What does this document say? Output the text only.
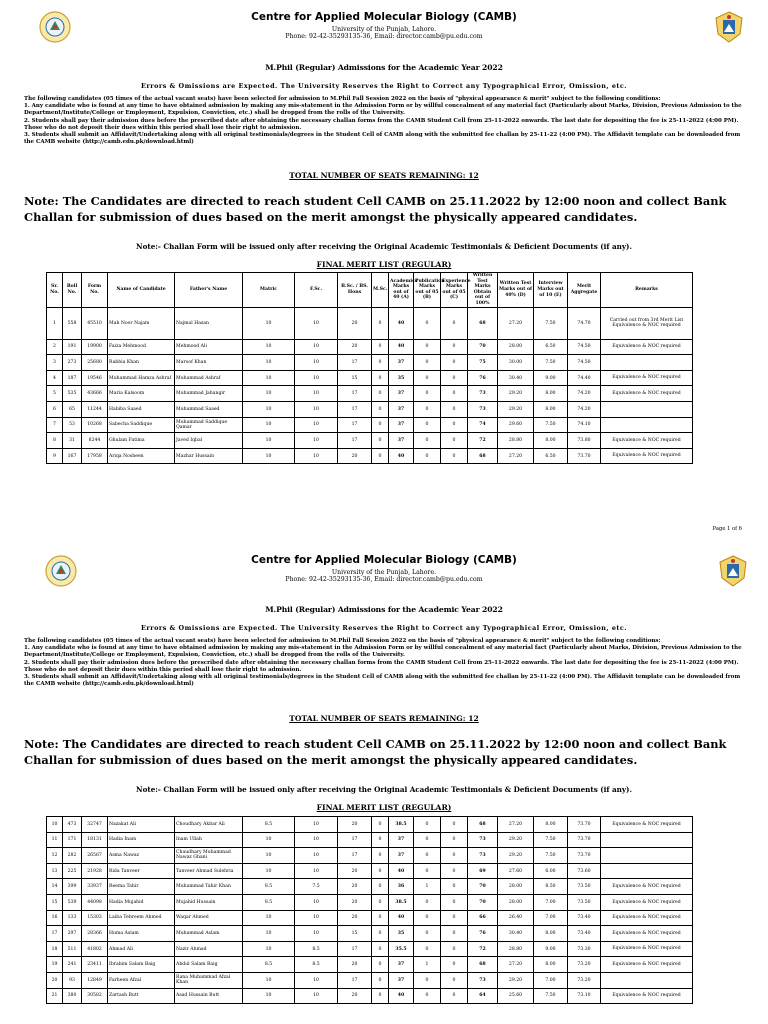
Centre for Applied Molecular Biology (CAMB)
University of the Punjab, Lahore.
Phone: 92-42-35293135-36, Email: director.camb@pu.edu.com
M.Phil (Regular) Admissions for the Academic Year 2022
Errors & Omissions are Expected. The University Reserves the Right to Correct any Typographical Error, Omission, etc.

The following candidates (05 times of the actual vacant seats) have been selected for admission to M.Phil Fall Session 2022 on the basis of "physical appearance & merit" subject to the following conditions:

1. Any candidate who is found at any time to have obtained admission by making any mis-statement in the Admission Form or by willful concealment of any material fact (Particularly about Marks, Division, Previous Admission to the Department/Institute/College or Employment, Expulsion, Conviction, etc.) shall be dropped from the rolls of the University.

2. Students shall pay their admission dues before the prescribed date after obtaining the necessary challan forms from the CAMB Student Cell from 25-11-2022 onwards. The last date for depositing the fee is 25-11-2022 (4:00 PM). Those who do not deposit their dues within this period shall lose their right to admission.

3. Students shall submit an Affidavit/Undertaking along with all original testimonials/degrees in the Student Cell of CAMB along with the submitted fee challan by 25-11-22 (4:00 PM). The Affidavit template can be downloaded from the CAMB website (http://camb.edu.pk/download.html)

TOTAL NUMBER OF SEATS REMAINING: 12
Note: The Candidates are directed to reach student Cell CAMB on 25.11.2022 by 12:00 noon and collect Bank Challan for submission of dues based on the merit amongst the physically appeared candidates.
Note:- Challan Form will be issued only after receiving the Original Academic Testimonials & Deficient Documents (if any).
FINAL MERIT LIST (REGULAR)
Sr. No.	Roll No.	Form No.	Name of Candidate	Father's Name	Matric	F.Sc.	B.Sc. / BS. Hons	M.Sc.	Academics Marks out of 40 (A)	Publication Marks out of 05 (B)	Experience Marks out of 05 (C)	Written Test Marks Obtain out of 100%	Written Test Marks out of 40% (D)	Interview Marks out of 10 (E)	Merit Aggregate	Remarks
1	558	45510	Mah Noor Najam	Najmal Hasan	10	10	20	0	40	0	0	68	27.20	7.50	74.70	Carried out from 3rd Merit List Equivalence & NOC required
2	191	19900	Faiza Mehmood	Mehmood Ali	10	10	20	0	40	0	0	70	28.00	6.50	74.50	Equivalence & NOC required
3	273	25680	Rabbia Khan	Maroof Khan	10	10	17	0	37	0	0	75	30.00	7.50	74.50	
4	187	19546	Muhammad Hamza Ashraf	Muhammad Ashraf	10	10	15	0	35	0	0	76	30.40	9.00	74.40	Equivalence & NOC required
5	535	43666	Maria Kalsoom	Muhammad Jahangir	10	10	17	0	37	0	0	73	29.20	8.00	74.20	Equivalence & NOC required
6	65	11244	Habiba Saaed	Muhammad Saaed	10	10	17	0	37	0	0	73	29.20	8.00	74.20	
7	53	10268	Sabecha Saddique	Muhammad Saddique Qamar	10	10	17	0	37	0	0	74	29.60	7.50	74.10	
8	31	8244	Ghulam Fatima	Javed Iqbal	10	10	17	0	37	0	0	72	28.80	8.00	73.80	Equivalence & NOC required
9	167	17958	Ariqa Nosheen	Mazhar Hussain	10	10	20	0	40	0	0	68	27.20	6.50	73.70	Equivalence & NOC required
Page 1 of 6
Centre for Applied Molecular Biology (CAMB)
University of the Punjab, Lahore.
Phone: 92-42-35293135-36, Email: director.camb@pu.edu.com
M.Phil (Regular) Admissions for the Academic Year 2022
Errors & Omissions are Expected. The University Reserves the Right to Correct any Typographical Error, Omission, etc.

The following candidates (05 times of the actual vacant seats) have been selected for admission to M.Phil Fall Session 2022 on the basis of "physical appearance & merit" subject to the following conditions:

1. Any candidate who is found at any time to have obtained admission by making any mis-statement in the Admission Form or by willful concealment of any material fact (Particularly about Marks, Division, Previous Admission to the Department/Institute/College or Employment, Expulsion, Conviction, etc.) shall be dropped from the rolls of the University.

2. Students shall pay their admission dues before the prescribed date after obtaining the necessary challan forms from the CAMB Student Cell from 25-11-2022 onwards. The last date for depositing the fee is 25-11-2022 (4:00 PM). Those who do not deposit their dues within this period shall lose their right to admission.

3. Students shall submit an Affidavit/Undertaking along with all original testimonials/degrees in the Student Cell of CAMB along with the submitted fee challan by 25-11-22 (4:00 PM). The Affidavit template can be downloaded from the CAMB website (http://camb.edu.pk/download.html)

TOTAL NUMBER OF SEATS REMAINING: 12
Note: The Candidates are directed to reach student Cell CAMB on 25.11.2022 by 12:00 noon and collect Bank Challan for submission of dues based on the merit amongst the physically appeared candidates.
Note:- Challan Form will be issued only after receiving the Original Academic Testimonials & Deficient Documents (if any).
FINAL MERIT LIST (REGULAR)
10	473	32747	Nazakat Ali	Choudhary Akbar Ali	8.5	10	20	0	38.5	0	0	68	27.20	8.00	73.70	Equivalence & NOC required
11	171	18131	Hadia Inam	Inam Ullah	10	10	17	0	37	0	0	73	29.20	7.50	73.70	
12	282	26567	Asma Nawaz	Chaudhary Muhammad Nawaz Ghani	10	10	17	0	37	0	0	73	29.20	7.50	73.70	
13	225	21928	Rida Tanveer	Tanveer Ahmad Sulehria	10	10	20	0	40	0	0	69	27.60	6.00	73.60	
14	399	33937	Reema Tahir	Muhammad Tahir Khan	8.5	7.5	20	0	36	1	0	70	28.00	8.50	73.50	Equivalence & NOC required
15	539	44098	Hadia Mujahid	Mujahid Hussain	8.5	10	20	0	38.5	0	0	70	28.00	7.00	73.50	Equivalence & NOC required
16	133	15303	Laiba Tehreem Ahmed	Waqar Ahmed	10	10	20	0	40	0	0	66	26.40	7.00	73.40	Equivalence & NOC required
17	297	28366	Huma Aslam	Muhammad Aslam	10	10	15	0	35	0	0	76	30.40	8.00	73.40	Equivalence & NOC required
18	511	41802	Ahmad Ali	Nazir Ahmad	10	8.5	17	0	35.5	0	0	72	28.80	9.00	73.30	Equivalence & NOC required
19	241	23411	Ibrahim Salam Baig	Abdul Salam Baig	8.5	8.5	20	0	37	1	0	68	27.20	8.00	73.20	Equivalence & NOC required
20	93	12849	Farheen Afzal	Rana Muhammad Afzal Khan	10	10	17	0	37	0	0	73	29.20	7.00	73.20	
21	380	30582	Zartash Butt	Asad Hussain Butt	10	10	20	0	40	0	0	64	25.60	7.50	73.10	Equivalence & NOC required
